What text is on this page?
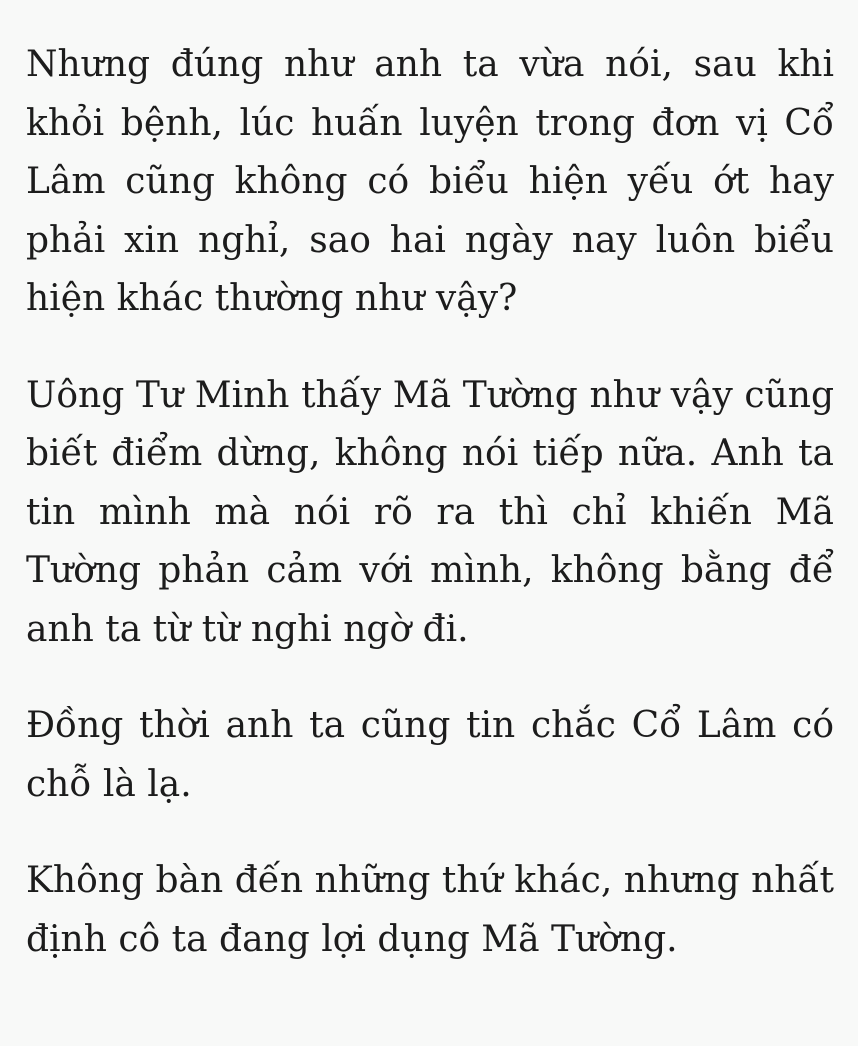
Nhưng đúng như anh ta vừa nói, sau khi khỏi bệnh, lúc huấn luyện trong đơn vị Cổ Lâm cũng không có biểu hiện yếu ớt hay phải xin nghỉ, sao hai ngày nay luôn biểu hiện khác thường như vậy?

Uông Tư Minh thấy Mã Tường như vậy cũng biết điểm dừng, không nói tiếp nữa. Anh ta tin mình mà nói rõ ra thì chỉ khiến Mã Tường phản cảm với mình, không bằng để anh ta từ từ nghi ngờ đi.

Đồng thời anh ta cũng tin chắc Cổ Lâm có chỗ là lạ.

Không bàn đến những thứ khác, nhưng nhất định cô ta đang lợi dụng Mã Tường.
